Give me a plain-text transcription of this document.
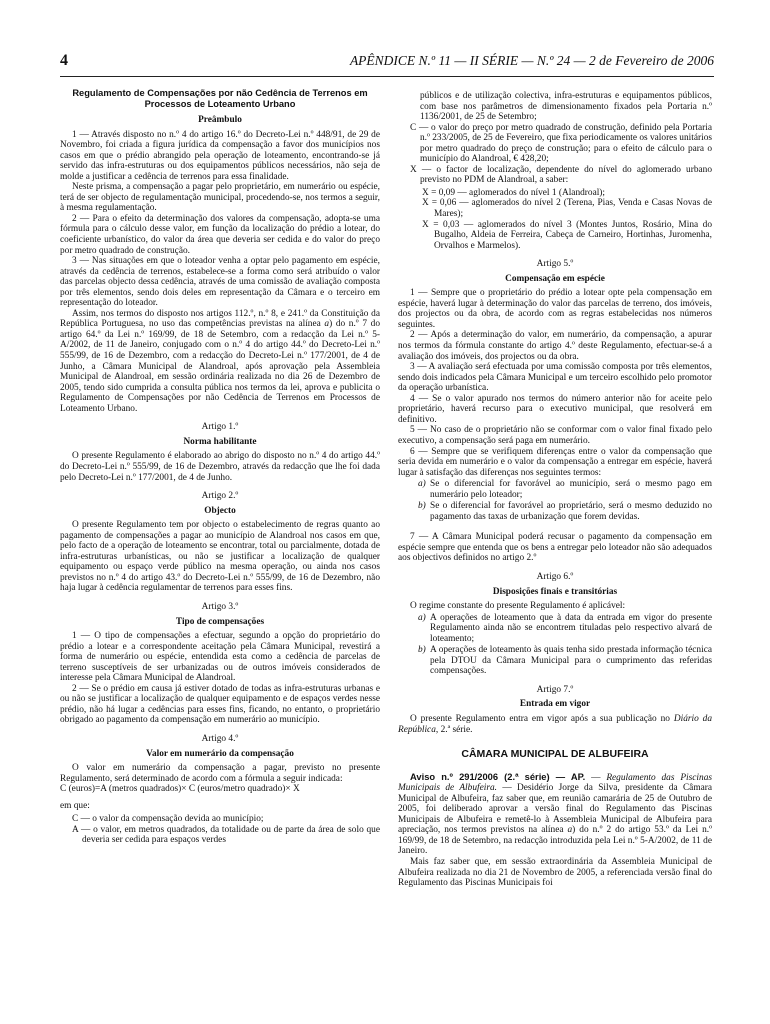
4	APÊNDICE N.º 11 — II SÉRIE — N.º 24 — 2 de Fevereiro de 2006
Regulamento de Compensações por não Cedência de Terrenos em Processos de Loteamento Urbano
Preâmbulo

1 — Através disposto no n.º 4 do artigo 16.º do Decreto-Lei n.º 448/91, de 29 de Novembro, foi criada a figura jurídica da compensação a favor dos municípios nos casos em que o prédio abrangido pela operação de loteamento, encontrando-se já servido das infra-estruturas ou dos equipamentos públicos necessários, não seja de molde a justificar a cedência de terrenos para essa finalidade.

Neste prisma, a compensação a pagar pelo proprietário, em numerário ou espécie, terá de ser objecto de regulamentação municipal, procedendo-se, nos termos a seguir, à mesma regulamentação.

2 — Para o efeito da determinação dos valores da compensação, adopta-se uma fórmula para o cálculo desse valor, em função da localização do prédio a lotear, do coeficiente urbanístico, do valor da área que deveria ser cedida e do valor do preço por metro quadrado de construção.

3 — Nas situações em que o loteador venha a optar pelo pagamento em espécie, através da cedência de terrenos, estabelece-se a forma como será atribuído o valor das parcelas objecto dessa cedência, através de uma comissão de avaliação composta por três elementos, sendo dois deles em representação da Câmara e o terceiro em representação do loteador.

Assim, nos termos do disposto nos artigos 112.º, n.º 8, e 241.º da Constituição da República Portuguesa, no uso das competências previstas na alínea a) do n.º 7 do artigo 64.º da Lei n.º 169/99, de 18 de Setembro, com a redacção da Lei n.º 5-A/2002, de 11 de Janeiro, conjugado com o n.º 4 do artigo 44.º do Decreto-Lei n.º 555/99, de 16 de Dezembro, com a redacção do Decreto-Lei n.º 177/2001, de 4 de Junho, a Câmara Municipal de Alandroal, após aprovação pela Assembleia Municipal de Alandroal, em sessão ordinária realizada no dia 26 de Dezembro de 2005, tendo sido cumprida a consulta pública nos termos da lei, aprova e publicita o Regulamento de Compensações por não Cedência de Terrenos em Processos de Loteamento Urbano.

Artigo 1.º
Norma habilitante

O presente Regulamento é elaborado ao abrigo do disposto no n.º 4 do artigo 44.º do Decreto-Lei n.º 555/99, de 16 de Dezembro, através da redacção que lhe foi dada pelo Decreto-Lei n.º 177/2001, de 4 de Junho.

Artigo 2.º
Objecto

O presente Regulamento tem por objecto o estabelecimento de regras quanto ao pagamento de compensações a pagar ao município de Alandroal nos casos em que, pelo facto de a operação de loteamento se encontrar, total ou parcialmente, dotada de infra-estruturas urbanísticas, ou não se justificar a localização de qualquer equipamento ou espaço verde público na mesma operação, ou ainda nos casos previstos no n.º 4 do artigo 43.º do Decreto-Lei n.º 555/99, de 16 de Dezembro, não haja lugar à cedência regulamentar de terrenos para esses fins.

Artigo 3.º
Tipo de compensações

1 — O tipo de compensações a efectuar, segundo a opção do proprietário do prédio a lotear e a correspondente aceitação pela Câmara Municipal, revestirá a forma de numerário ou espécie, entendida esta como a cedência de parcelas de terreno susceptíveis de ser urbanizadas ou de outros imóveis considerados de interesse pela Câmara Municipal de Alandroal.

2 — Se o prédio em causa já estiver dotado de todas as infra-estruturas urbanas e ou não se justificar a localização de qualquer equipamento e de espaços verdes nesse prédio, não há lugar a cedências para esses fins, ficando, no entanto, o proprietário obrigado ao pagamento da compensação em numerário ao município.

Artigo 4.º
Valor em numerário da compensação

O valor em numerário da compensação a pagar, previsto no presente Regulamento, será determinado de acordo com a fórmula a seguir indicada:

C (euros)=A (metros quadrados)× C (euros/metro quadrado)× X

em que:

C — o valor da compensação devida ao município;
A — o valor, em metros quadrados, da totalidade ou de parte da área de solo que deveria ser cedida para espaços verdes
públicos e de utilização colectiva, infra-estruturas e equipamentos públicos, com base nos parâmetros de dimensionamento fixados pela Portaria n.º 1136/2001, de 25 de Setembro;
C — o valor do preço por metro quadrado de construção, definido pela Portaria n.º 233/2005, de 25 de Fevereiro, que fixa periodicamente os valores unitários por metro quadrado do preço de construção; para o efeito de cálculo para o município do Alandroal, € 428,20;
X — o factor de localização, dependente do nível do aglomerado urbano previsto no PDM de Alandroal, a saber:
X = 0,09 — aglomerados do nível 1 (Alandroal);
X = 0,06 — aglomerados do nível 2 (Terena, Pias, Venda e Casas Novas de Mares);
X = 0,03 — aglomerados do nível 3 (Montes Juntos, Rosário, Mina do Bugalho, Aldeia de Ferreira, Cabeça de Carneiro, Hortinhas, Juromenha, Orvalhos e Marmelos).
Artigo 5.º
Compensação em espécie

1 — Sempre que o proprietário do prédio a lotear opte pela compensação em espécie, haverá lugar à determinação do valor das parcelas de terreno, dos imóveis, dos projectos ou da obra, de acordo com as regras estabelecidas nos números seguintes.

2 — Após a determinação do valor, em numerário, da compensação, a apurar nos termos da fórmula constante do artigo 4.º deste Regulamento, efectuar-se-á a avaliação dos imóveis, dos projectos ou da obra.

3 — A avaliação será efectuada por uma comissão composta por três elementos, sendo dois indicados pela Câmara Municipal e um terceiro escolhido pelo promotor da operação urbanística.

4 — Se o valor apurado nos termos do número anterior não for aceite pelo proprietário, haverá recurso para o executivo municipal, que resolverá em definitivo.

5 — No caso de o proprietário não se conformar com o valor final fixado pelo executivo, a compensação será paga em numerário.

6 — Sempre que se verifiquem diferenças entre o valor da compensação que seria devida em numerário e o valor da compensação a entregar em espécie, haverá lugar à satisfação das diferenças nos seguintes termos:

a) Se o diferencial for favorável ao município, será o mesmo pago em numerário pelo loteador;
b) Se o diferencial for favorável ao proprietário, será o mesmo deduzido no pagamento das taxas de urbanização que forem devidas.

7 — A Câmara Municipal poderá recusar o pagamento da compensação em espécie sempre que entenda que os bens a entregar pelo loteador não são adequados aos objectivos definidos no artigo 2.º

Artigo 6.º
Disposições finais e transitórias

O regime constante do presente Regulamento é aplicável:

a) A operações de loteamento que à data da entrada em vigor do presente Regulamento ainda não se encontrem tituladas pelo respectivo alvará de loteamento;
b) A operações de loteamento às quais tenha sido prestada informação técnica pela DTOU da Câmara Municipal para o cumprimento das referidas compensações.
Artigo 7.º
Entrada em vigor

O presente Regulamento entra em vigor após a sua publicação no Diário da República, 2.ª série.

CÂMARA MUNICIPAL DE ALBUFEIRA

Aviso n.º 291/2006 (2.ª série) — AP. — Regulamento das Piscinas Municipais de Albufeira. — Desidério Jorge da Silva, presidente da Câmara Municipal de Albufeira, faz saber que, em reunião camarária de 25 de Outubro de 2005, foi deliberado aprovar a versão final do Regulamento das Piscinas Municipais de Albufeira e remetê-lo à Assembleia Municipal de Albufeira para apreciação, nos termos previstos na alínea a) do n.º 2 do artigo 53.º da Lei n.º 169/99, de 18 de Setembro, na redacção introduzida pela Lei n.º 5-A/2002, de 11 de Janeiro.

Mais faz saber que, em sessão extraordinária da Assembleia Municipal de Albufeira realizada no dia 21 de Novembro de 2005, a referenciada versão final do Regulamento das Piscinas Municipais foi
